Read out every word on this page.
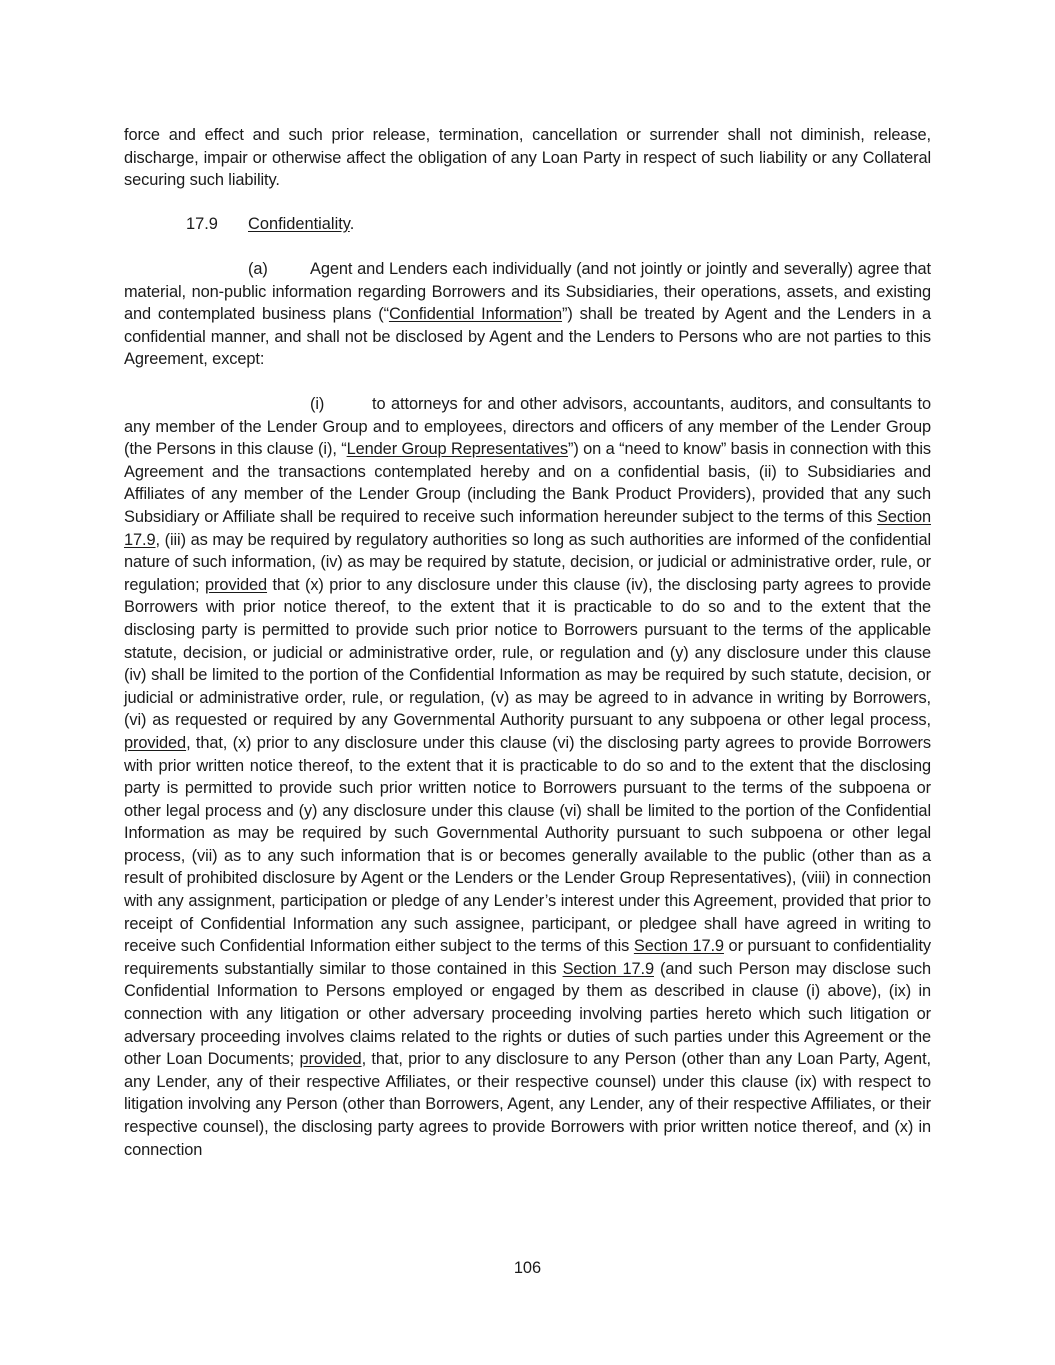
force and effect and such prior release, termination, cancellation or surrender shall not diminish, release, discharge, impair or otherwise affect the obligation of any Loan Party in respect of such liability or any Collateral securing such liability.

17.9 Confidentiality.

(a)	Agent and Lenders each individually (and not jointly or jointly and severally) agree that material, non-public information regarding Borrowers and its Subsidiaries, their operations, assets, and existing and contemplated business plans (“Confidential Information”) shall be treated by Agent and the Lenders in a confidential manner, and shall not be disclosed by Agent and the Lenders to Persons who are not parties to this Agreement, except:

(i)	to attorneys for and other advisors, accountants, auditors, and consultants to any member of the Lender Group and to employees, directors and officers of any member of the Lender Group (the Persons in this clause (i), “Lender Group Representatives”) on a “need to know” basis in connection with this Agreement and the transactions contemplated hereby and on a confidential basis, (ii) to Subsidiaries and Affiliates of any member of the Lender Group (including the Bank Product Providers), provided that any such Subsidiary or Affiliate shall be required to receive such information hereunder subject to the terms of this Section 17.9, (iii) as may be required by regulatory authorities so long as such authorities are informed of the confidential nature of such information, (iv) as may be required by statute, decision, or judicial or administrative order, rule, or regulation; provided that (x) prior to any disclosure under this clause (iv), the disclosing party agrees to provide Borrowers with prior notice thereof, to the extent that it is practicable to do so and to the extent that the disclosing party is permitted to provide such prior notice to Borrowers pursuant to the terms of the applicable statute, decision, or judicial or administrative order, rule, or regulation and (y) any disclosure under this clause (iv) shall be limited to the portion of the Confidential Information as may be required by such statute, decision, or judicial or administrative order, rule, or regulation, (v) as may be agreed to in advance in writing by Borrowers, (vi) as requested or required by any Governmental Authority pursuant to any subpoena or other legal process, provided, that, (x) prior to any disclosure under this clause (vi) the disclosing party agrees to provide Borrowers with prior written notice thereof, to the extent that it is practicable to do so and to the extent that the disclosing party is permitted to provide such prior written notice to Borrowers pursuant to the terms of the subpoena or other legal process and (y) any disclosure under this clause (vi) shall be limited to the portion of the Confidential Information as may be required by such Governmental Authority pursuant to such subpoena or other legal process, (vii) as to any such information that is or becomes generally available to the public (other than as a result of prohibited disclosure by Agent or the Lenders or the Lender Group Representatives), (viii) in connection with any assignment, participation or pledge of any Lender’s interest under this Agreement, provided that prior to receipt of Confidential Information any such assignee, participant, or pledgee shall have agreed in writing to receive such Confidential Information either subject to the terms of this Section 17.9 or pursuant to confidentiality requirements substantially similar to those contained in this Section 17.9 (and such Person may disclose such Confidential Information to Persons employed or engaged by them as described in clause (i) above), (ix) in connection with any litigation or other adversary proceeding involving parties hereto which such litigation or adversary proceeding involves claims related to the rights or duties of such parties under this Agreement or the other Loan Documents; provided, that, prior to any disclosure to any Person (other than any Loan Party, Agent, any Lender, any of their respective Affiliates, or their respective counsel) under this clause (ix) with respect to litigation involving any Person (other than Borrowers, Agent, any Lender, any of their respective Affiliates, or their respective counsel), the disclosing party agrees to provide Borrowers with prior written notice thereof, and (x) in connection

106
